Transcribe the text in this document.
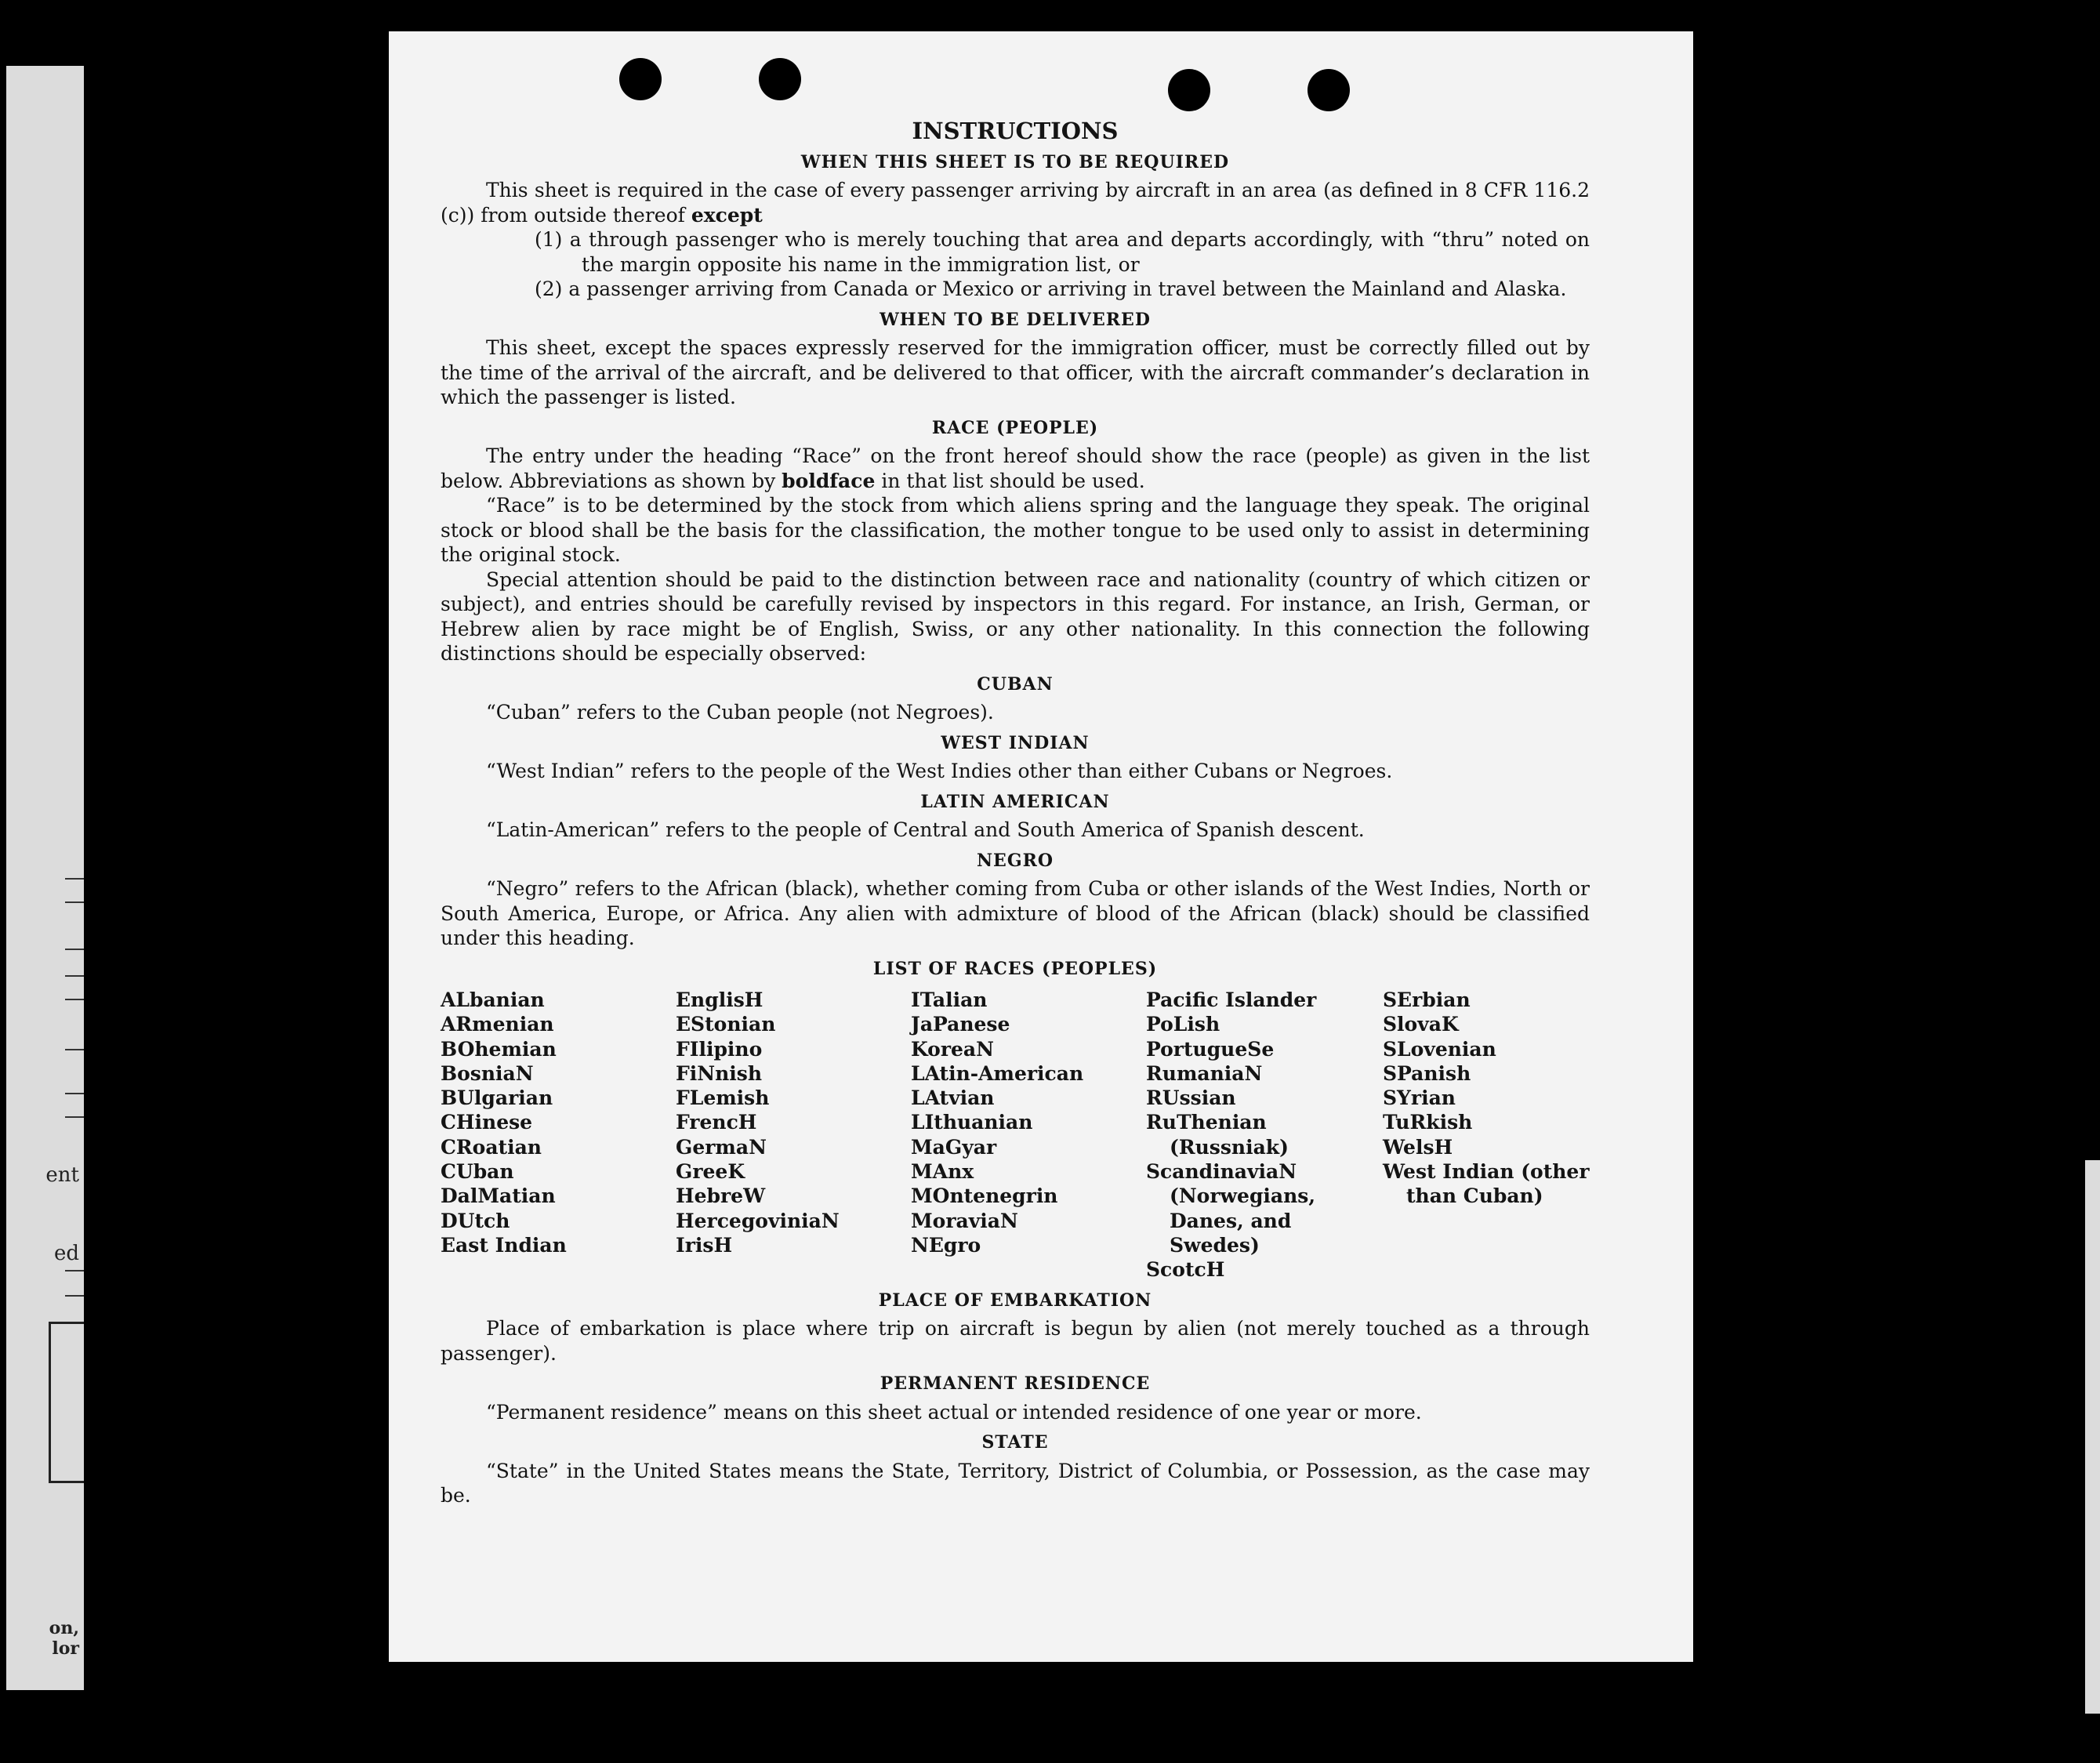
ent
ed
on,
lor
INSTRUCTIONS
WHEN THIS SHEET IS TO BE REQUIRED

This sheet is required in the case of every passenger arriving by aircraft in an area (as defined in 8 CFR 116.2 (c)) from outside thereof except

(1) a through passenger who is merely touching that area and departs accordingly, with “thru” noted on the margin opposite his name in the immigration list, or

(2) a passenger arriving from Canada or Mexico or arriving in travel between the Mainland and Alaska.

WHEN TO BE DELIVERED

This sheet, except the spaces expressly reserved for the immigration officer, must be correctly filled out by the time of the arrival of the aircraft, and be delivered to that officer, with the aircraft commander’s declaration in which the passenger is listed.

RACE (PEOPLE)

The entry under the heading “Race” on the front hereof should show the race (people) as given in the list below. Abbreviations as shown by boldface in that list should be used.

“Race” is to be determined by the stock from which aliens spring and the language they speak. The original stock or blood shall be the basis for the classification, the mother tongue to be used only to assist in determining the original stock.

Special attention should be paid to the distinction between race and nationality (country of which citizen or subject), and entries should be carefully revised by inspectors in this regard. For instance, an Irish, German, or Hebrew alien by race might be of English, Swiss, or any other nationality. In this connection the following distinctions should be especially observed:

CUBAN

“Cuban” refers to the Cuban people (not Negroes).

WEST INDIAN

“West Indian” refers to the people of the West Indies other than either Cubans or Negroes.

LATIN AMERICAN

“Latin-American” refers to the people of Central and South America of Spanish descent.

NEGRO

“Negro” refers to the African (black), whether coming from Cuba or other islands of the West Indies, North or South America, Europe, or Africa. Any alien with admixture of blood of the African (black) should be classified under this heading.

LIST OF RACES (PEOPLES)
ALbanian
ARmenian
BOhemian
BosniaN
BUlgarian
CHinese
CRoatian
CUban
DalMatian
DUtch
East Indian
EnglisH
EStonian
FIlipino
FiNnish
FLemish
FrencH
GermaN
GreeK
HebreW
HercegoviniaN
IrisH
ITalian
JaPanese
KoreaN
LAtin-American
LAtvian
LIthuanian
MaGyar
MAnx
MOntenegrin
MoraviaN
NEgro
Pacific Islander
PoLish
PortugueSe
RumaniaN
RUssian
RuThenian (Russniak)
ScandinaviaN (Norwegians, Danes, and Swedes)
ScotcH
SErbian
SlovaK
SLovenian
SPanish
SYrian
TuRkish
WelsH
West Indian (other than Cuban)
PLACE OF EMBARKATION

Place of embarkation is place where trip on aircraft is begun by alien (not merely touched as a through passenger).

PERMANENT RESIDENCE

“Permanent residence” means on this sheet actual or intended residence of one year or more.

STATE

“State” in the United States means the State, Territory, District of Columbia, or Possession, as the case may be.
